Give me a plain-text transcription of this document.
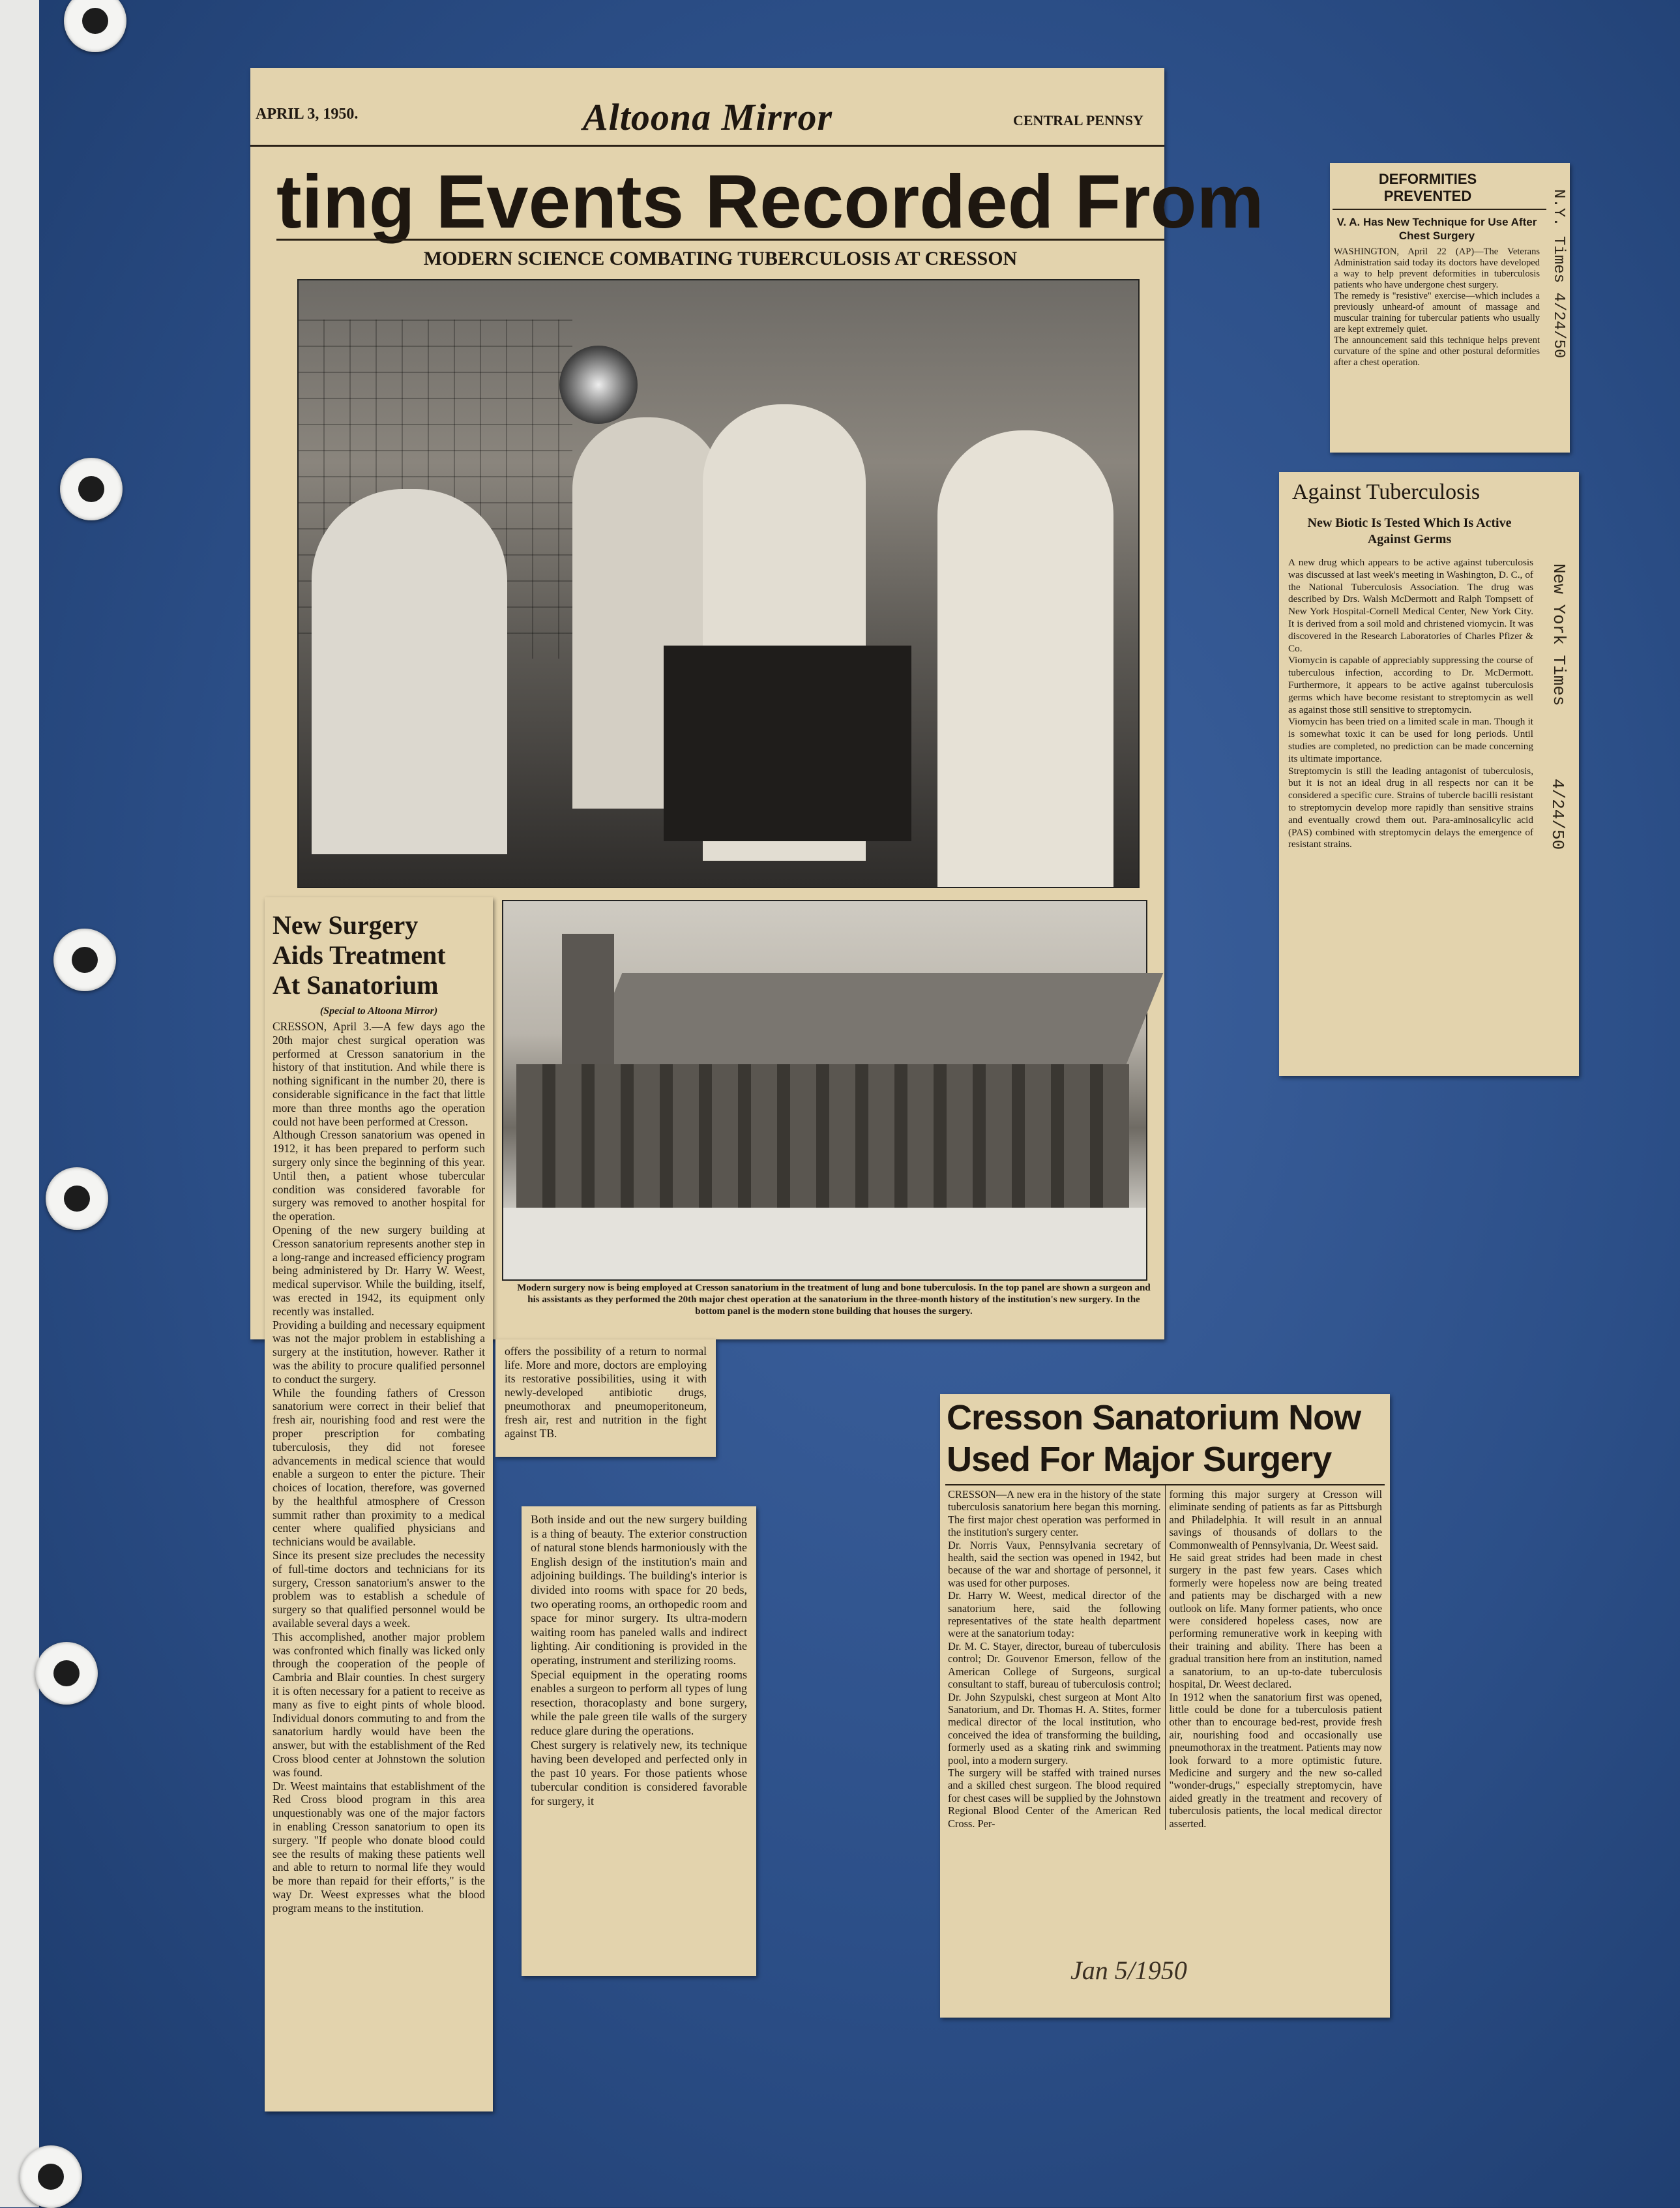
APRIL 3, 1950.	Altoona Mirror	CENTRAL PENNSY
ting Events Recorded From
MODERN SCIENCE COMBATING TUBERCULOSIS AT CRESSON
Modern surgery now is being employed at Cresson sanatorium in the treatment of lung and bone tuberculosis. In the top panel are shown a surgeon and his assistants as they performed the 20th major chest operation at the sanatorium in the three-month history of the institution's new surgery. In the bottom panel is the modern stone building that houses the surgery.
New Surgery
Aids Treatment
At Sanatorium
(Special to Altoona Mirror)
CRESSON, April 3.—A few days ago the 20th major chest surgical operation was performed at Cresson sanatorium in the history of that institution. And while there is nothing significant in the number 20, there is considerable significance in the fact that little more than three months ago the operation could not have been performed at Cresson.
Although Cresson sanatorium was opened in 1912, it has been prepared to perform such surgery only since the beginning of this year. Until then, a patient whose tubercular condition was considered favorable for surgery was removed to another hospital for the operation.
Opening of the new surgery building at Cresson sanatorium represents another step in a long-range and increased efficiency program being administered by Dr. Harry W. Weest, medical supervisor. While the building, itself, was erected in 1942, its equipment only recently was installed.
Providing a building and necessary equipment was not the major problem in establishing a surgery at the institution, however. Rather it was the ability to procure qualified personnel to conduct the surgery.
While the founding fathers of Cresson sanatorium were correct in their belief that fresh air, nourishing food and rest were the proper prescription for combating tuberculosis, they did not foresee advancements in medical science that would enable a surgeon to enter the picture. Their choices of location, therefore, was governed by the healthful atmosphere of Cresson summit rather than proximity to a medical center where qualified physicians and technicians would be available.
Since its present size precludes the necessity of full-time doctors and technicians for its surgery, Cresson sanatorium's answer to the problem was to establish a schedule of surgery so that qualified personnel would be available several days a week.
This accomplished, another major problem was confronted which finally was licked only through the cooperation of the people of Cambria and Blair counties. In chest surgery it is often necessary for a patient to receive as many as five to eight pints of whole blood. Individual donors commuting to and from the sanatorium hardly would have been the answer, but with the establishment of the Red Cross blood center at Johnstown the solution was found.
Dr. Weest maintains that establishment of the Red Cross blood program in this area unquestionably was one of the major factors in enabling Cresson sanatorium to open its surgery. "If people who donate blood could see the results of making these patients well and able to return to normal life they would be more than repaid for their efforts," is the way Dr. Weest expresses what the blood program means to the institution.
offers the possibility of a return to normal life. More and more, doctors are employing its restorative possibilities, using it with newly-developed antibiotic drugs, pneumothorax and pneumoperitoneum, fresh air, rest and nutrition in the fight against TB.
Both inside and out the new surgery building is a thing of beauty. The exterior construction of natural stone blends harmoniously with the English design of the institution's main and adjoining buildings. The building's interior is divided into rooms with space for 20 beds, two operating rooms, an orthopedic room and space for minor surgery. Its ultra-modern waiting room has paneled walls and indirect lighting. Air conditioning is provided in the operating, instrument and sterilizing rooms.
Special equipment in the operating rooms enables a surgeon to perform all types of lung resection, thoracoplasty and bone surgery, while the pale green tile walls of the surgery reduce glare during the operations.
Chest surgery is relatively new, its technique having been developed and perfected only in the past 10 years. For those patients whose tubercular condition is considered favorable for surgery, it
DEFORMITIES PREVENTED
V. A. Has New Technique for Use After Chest Surgery
WASHINGTON, April 22 (AP)—The Veterans Administration said today its doctors have developed a way to help prevent deformities in tuberculosis patients who have undergone chest surgery.
The remedy is "resistive" exercise—which includes a previously unheard-of amount of massage and muscular training for tubercular patients who usually are kept extremely quiet.
The announcement said this technique helps prevent curvature of the spine and other postural deformities after a chest operation.
N.Y. Times 4/24/50
Against Tuberculosis
New Biotic Is Tested Which Is Active Against Germs
A new drug which appears to be active against tuberculosis was discussed at last week's meeting in Washington, D. C., of the National Tuberculosis Association. The drug was described by Drs. Walsh McDermott and Ralph Tompsett of New York Hospital-Cornell Medical Center, New York City. It is derived from a soil mold and christened viomycin. It was discovered in the Research Laboratories of Charles Pfizer & Co.
Viomycin is capable of appreciably suppressing the course of tuberculous infection, according to Dr. McDermott. Furthermore, it appears to be active against tuberculosis germs which have become resistant to streptomycin as well as against those still sensitive to streptomycin.
Viomycin has been tried on a limited scale in man. Though it is somewhat toxic it can be used for long periods. Until studies are completed, no prediction can be made concerning its ultimate importance.
Streptomycin is still the leading antagonist of tuberculosis, but it is not an ideal drug in all respects nor can it be considered a specific cure. Strains of tubercle bacilli resistant to streptomycin develop more rapidly than sensitive strains and eventually crowd them out. Para-aminosalicylic acid (PAS) combined with streptomycin delays the emergence of resistant strains.
New York Times
4/24/50
Cresson Sanatorium Now Used For Major Surgery
CRESSON—A new era in the history of the state tuberculosis sanatorium here began this morning. The first major chest operation was performed in the institution's surgery center.
Dr. Norris Vaux, Pennsylvania secretary of health, said the section was opened in 1942, but because of the war and shortage of personnel, it was used for other purposes.
Dr. Harry W. Weest, medical director of the sanatorium here, said the following representatives of the state health department were at the sanatorium today:
Dr. M. C. Stayer, director, bureau of tuberculosis control; Dr. Gouvenor Emerson, fellow of the American College of Surgeons, surgical consultant to staff, bureau of tuberculosis control; Dr. John Szypulski, chest surgeon at Mont Alto Sanatorium, and Dr. Thomas H. A. Stites, former medical director of the local institution, who conceived the idea of transforming the building, formerly used as a skating rink and swimming pool, into a modern surgery.
The surgery will be staffed with trained nurses and a skilled chest surgeon. The blood required for chest cases will be supplied by the Johnstown Regional Blood Center of the American Red Cross. Per-
forming this major surgery at Cresson will eliminate sending of patients as far as Pittsburgh and Philadelphia. It will result in an annual savings of thousands of dollars to the Commonwealth of Pennsylvania, Dr. Weest said.
He said great strides had been made in chest surgery in the past few years. Cases which formerly were hopeless now are being treated and patients may be discharged with a new outlook on life. Many former patients, who once were considered hopeless cases, now are performing remunerative work in keeping with their training and ability. There has been a gradual transition here from an institution, named a sanatorium, to an up-to-date tuberculosis hospital, Dr. Weest declared.
In 1912 when the sanatorium first was opened, little could be done for a tuberculosis patient other than to encourage bed-rest, provide fresh air, nourishing food and occasionally use pneumothorax in the treatment. Patients may now look forward to a more optimistic future. Medicine and surgery and the new so-called "wonder-drugs," especially streptomycin, have aided greatly in the treatment and recovery of tuberculosis patients, the local medical director asserted.
Jan 5/1950
